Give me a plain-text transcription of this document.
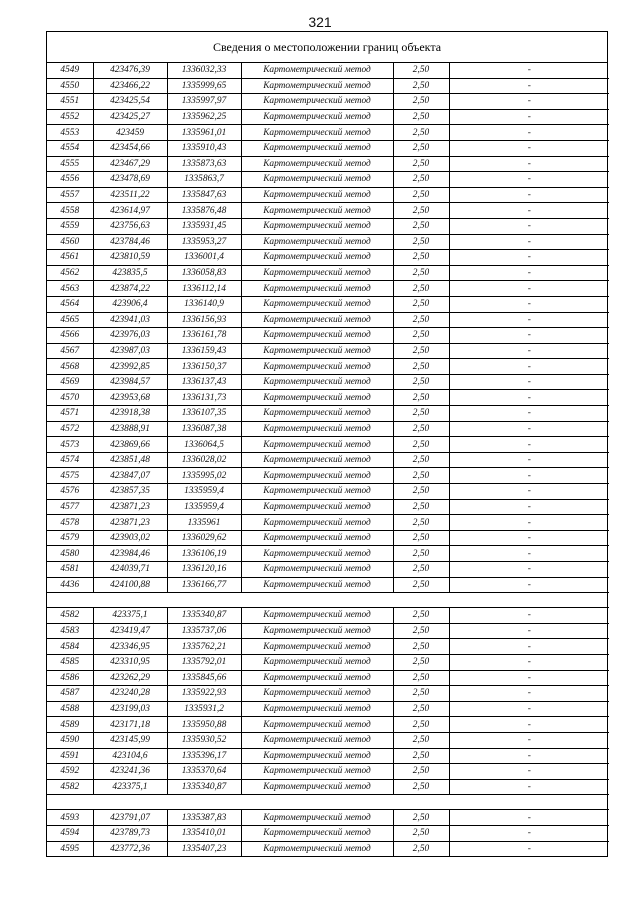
321
Сведения о местоположении границ объекта
4549	423476,39	1336032,33	Картометрический метод	2,50	-
4550	423466,22	1335999,65	Картометрический метод	2,50	-
4551	423425,54	1335997,97	Картометрический метод	2,50	-
4552	423425,27	1335962,25	Картометрический метод	2,50	-
4553	423459	1335961,01	Картометрический метод	2,50	-
4554	423454,66	1335910,43	Картометрический метод	2,50	-
4555	423467,29	1335873,63	Картометрический метод	2,50	-
4556	423478,69	1335863,7	Картометрический метод	2,50	-
4557	423511,22	1335847,63	Картометрический метод	2,50	-
4558	423614,97	1335876,48	Картометрический метод	2,50	-
4559	423756,63	1335931,45	Картометрический метод	2,50	-
4560	423784,46	1335953,27	Картометрический метод	2,50	-
4561	423810,59	1336001,4	Картометрический метод	2,50	-
4562	423835,5	1336058,83	Картометрический метод	2,50	-
4563	423874,22	1336112,14	Картометрический метод	2,50	-
4564	423906,4	1336140,9	Картометрический метод	2,50	-
4565	423941,03	1336156,93	Картометрический метод	2,50	-
4566	423976,03	1336161,78	Картометрический метод	2,50	-
4567	423987,03	1336159,43	Картометрический метод	2,50	-
4568	423992,85	1336150,37	Картометрический метод	2,50	-
4569	423984,57	1336137,43	Картометрический метод	2,50	-
4570	423953,68	1336131,73	Картометрический метод	2,50	-
4571	423918,38	1336107,35	Картометрический метод	2,50	-
4572	423888,91	1336087,38	Картометрический метод	2,50	-
4573	423869,66	1336064,5	Картометрический метод	2,50	-
4574	423851,48	1336028,02	Картометрический метод	2,50	-
4575	423847,07	1335995,02	Картометрический метод	2,50	-
4576	423857,35	1335959,4	Картометрический метод	2,50	-
4577	423871,23	1335959,4	Картометрический метод	2,50	-
4578	423871,23	1335961	Картометрический метод	2,50	-
4579	423903,02	1336029,62	Картометрический метод	2,50	-
4580	423984,46	1336106,19	Картометрический метод	2,50	-
4581	424039,71	1336120,16	Картометрический метод	2,50	-
4436	424100,88	1336166,77	Картометрический метод	2,50	-

4582	423375,1	1335340,87	Картометрический метод	2,50	-
4583	423419,47	1335737,06	Картометрический метод	2,50	-
4584	423346,95	1335762,21	Картометрический метод	2,50	-
4585	423310,95	1335792,01	Картометрический метод	2,50	-
4586	423262,29	1335845,66	Картометрический метод	2,50	-
4587	423240,28	1335922,93	Картометрический метод	2,50	-
4588	423199,03	1335931,2	Картометрический метод	2,50	-
4589	423171,18	1335950,88	Картометрический метод	2,50	-
4590	423145,99	1335930,52	Картометрический метод	2,50	-
4591	423104,6	1335396,17	Картометрический метод	2,50	-
4592	423241,36	1335370,64	Картометрический метод	2,50	-
4582	423375,1	1335340,87	Картометрический метод	2,50	-

4593	423791,07	1335387,83	Картометрический метод	2,50	-
4594	423789,73	1335410,01	Картометрический метод	2,50	-
4595	423772,36	1335407,23	Картометрический метод	2,50	-
